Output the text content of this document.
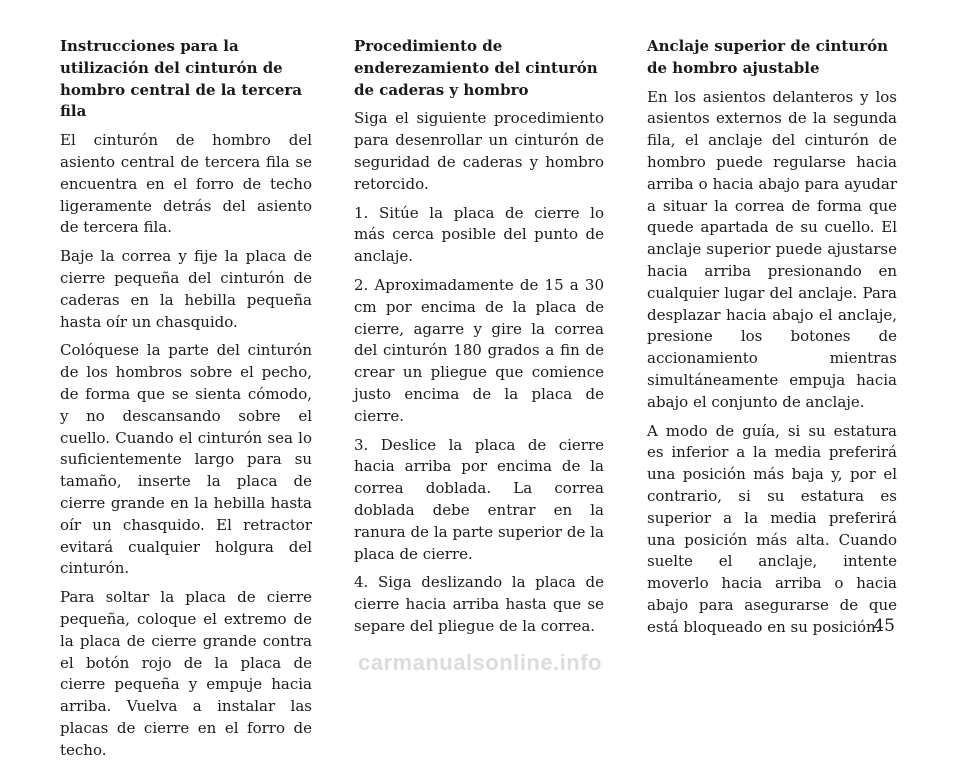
Instrucciones para la utilización del cinturón de hombro central de la tercera fila

El cinturón de hombro del asiento central de tercera fila se encuentra en el forro de techo ligeramente detrás del asiento de tercera fila.

Baje la correa y fije la placa de cierre pequeña del cinturón de caderas en la hebilla pequeña hasta oír un chasquido.

Colóquese la parte del cinturón de los hombros sobre el pecho, de forma que se sienta cómodo, y no descansando sobre el cuello. Cuando el cinturón sea lo suficientemente largo para su tamaño, inserte la placa de cierre grande en la hebilla hasta oír un chasquido. El retractor evitará cualquier holgura del cinturón.

Para soltar la placa de cierre pequeña, coloque el extremo de la placa de cierre grande contra el botón rojo de la placa de cierre pequeña y empuje hacia arriba. Vuelva a instalar las placas de cierre en el forro de techo.

Procedimiento de enderezamiento del cinturón de caderas y hombro

Siga el siguiente procedimiento para desenrollar un cinturón de seguridad de caderas y hombro retorcido.

1. Sitúe la placa de cierre lo más cerca posible del punto de anclaje.

2. Aproximadamente de 15 a 30 cm por encima de la placa de cierre, agarre y gire la correa del cinturón 180 grados a fin de crear un pliegue que comience justo encima de la placa de cierre.

3. Deslice la placa de cierre hacia arriba por encima de la correa doblada. La correa doblada debe entrar en la ranura de la parte superior de la placa de cierre.

4. Siga deslizando la placa de cierre hacia arriba hasta que se separe del pliegue de la correa.

Anclaje superior de cinturón de hombro ajustable

En los asientos delanteros y los asientos externos de la segunda fila, el anclaje del cinturón de hombro puede regularse hacia arriba o hacia abajo para ayudar a situar la correa de forma que quede apartada de su cuello. El anclaje superior puede ajustarse hacia arriba presionando en cualquier lugar del anclaje. Para desplazar hacia abajo el anclaje, presione los botones de accionamiento mientras simultáneamente empuja hacia abajo el conjunto de anclaje.

A modo de guía, si su estatura es inferior a la media preferirá una posición más baja y, por el contrario, si su estatura es superior a la media preferirá una posición más alta. Cuando suelte el anclaje, intente moverlo hacia arriba o hacia abajo para asegurarse de que está bloqueado en su posición.

45
carmanualsonline.info
